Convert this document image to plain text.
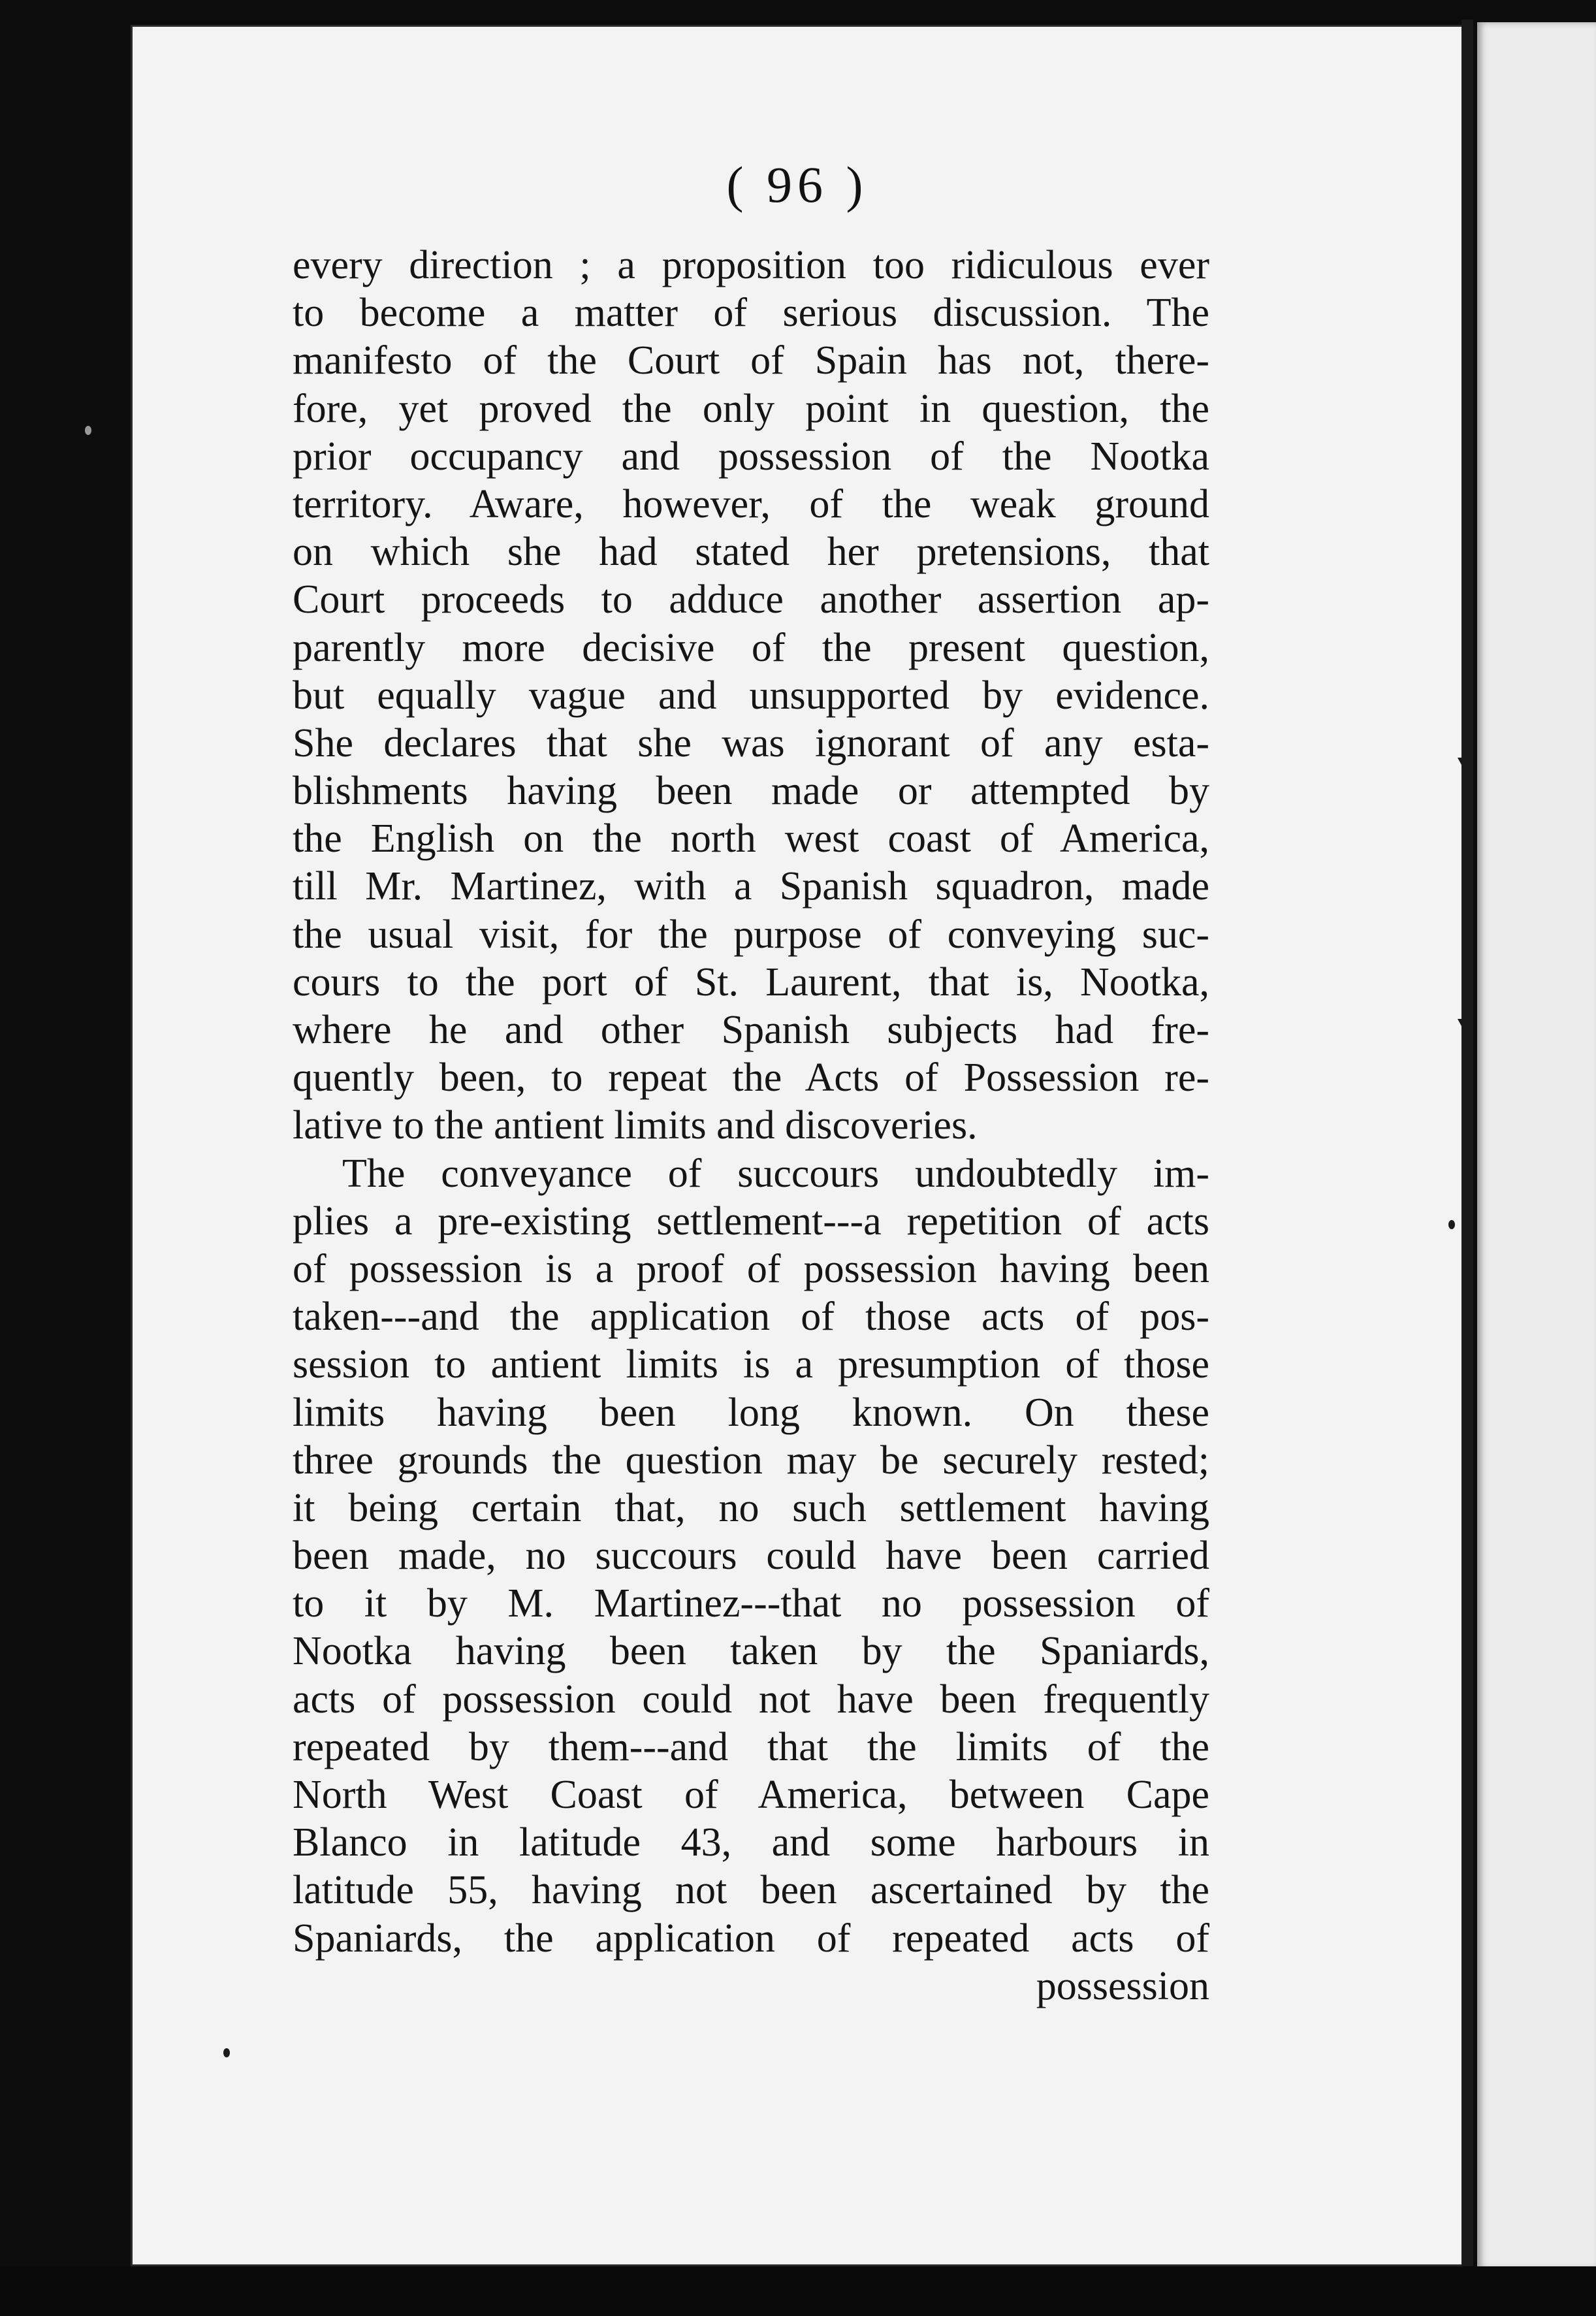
( 96 )
every direction ; a proposition too ridiculous ever
to become a matter of serious discussion. The
manifesto of the Court of Spain has not, there-
fore, yet proved the only point in question, the
prior occupancy and possession of the Nootka
territory. Aware, however, of the weak ground
on which she had stated her pretensions, that
Court proceeds to adduce another assertion ap-
parently more decisive of the present question,
but equally vague and unsupported by evidence.
She declares that she was ignorant of any esta-
blishments having been made or attempted by
the English on the north west coast of America,
till Mr. Martinez, with a Spanish squadron, made
the usual visit, for the purpose of conveying suc-
cours to the port of St. Laurent, that is, Nootka,
where he and other Spanish subjects had fre-
quently been, to repeat the Acts of Possession re-
lative to the antient limits and discoveries.
The conveyance of succours undoubtedly im-
plies a pre-existing settlement---a repetition of acts
of possession is a proof of possession having been
taken---and the application of those acts of pos-
session to antient limits is a presumption of those
limits having been long known. On these
three grounds the question may be securely rested;
it being certain that, no such settlement having
been made, no succours could have been carried
to it by M. Martinez---that no possession of
Nootka having been taken by the Spaniards,
acts of possession could not have been frequently
repeated by them---and that the limits of the
North West Coast of America, between Cape
Blanco in latitude 43, and some harbours in
latitude 55, having not been ascertained by the
Spaniards, the application of repeated acts of
possession
